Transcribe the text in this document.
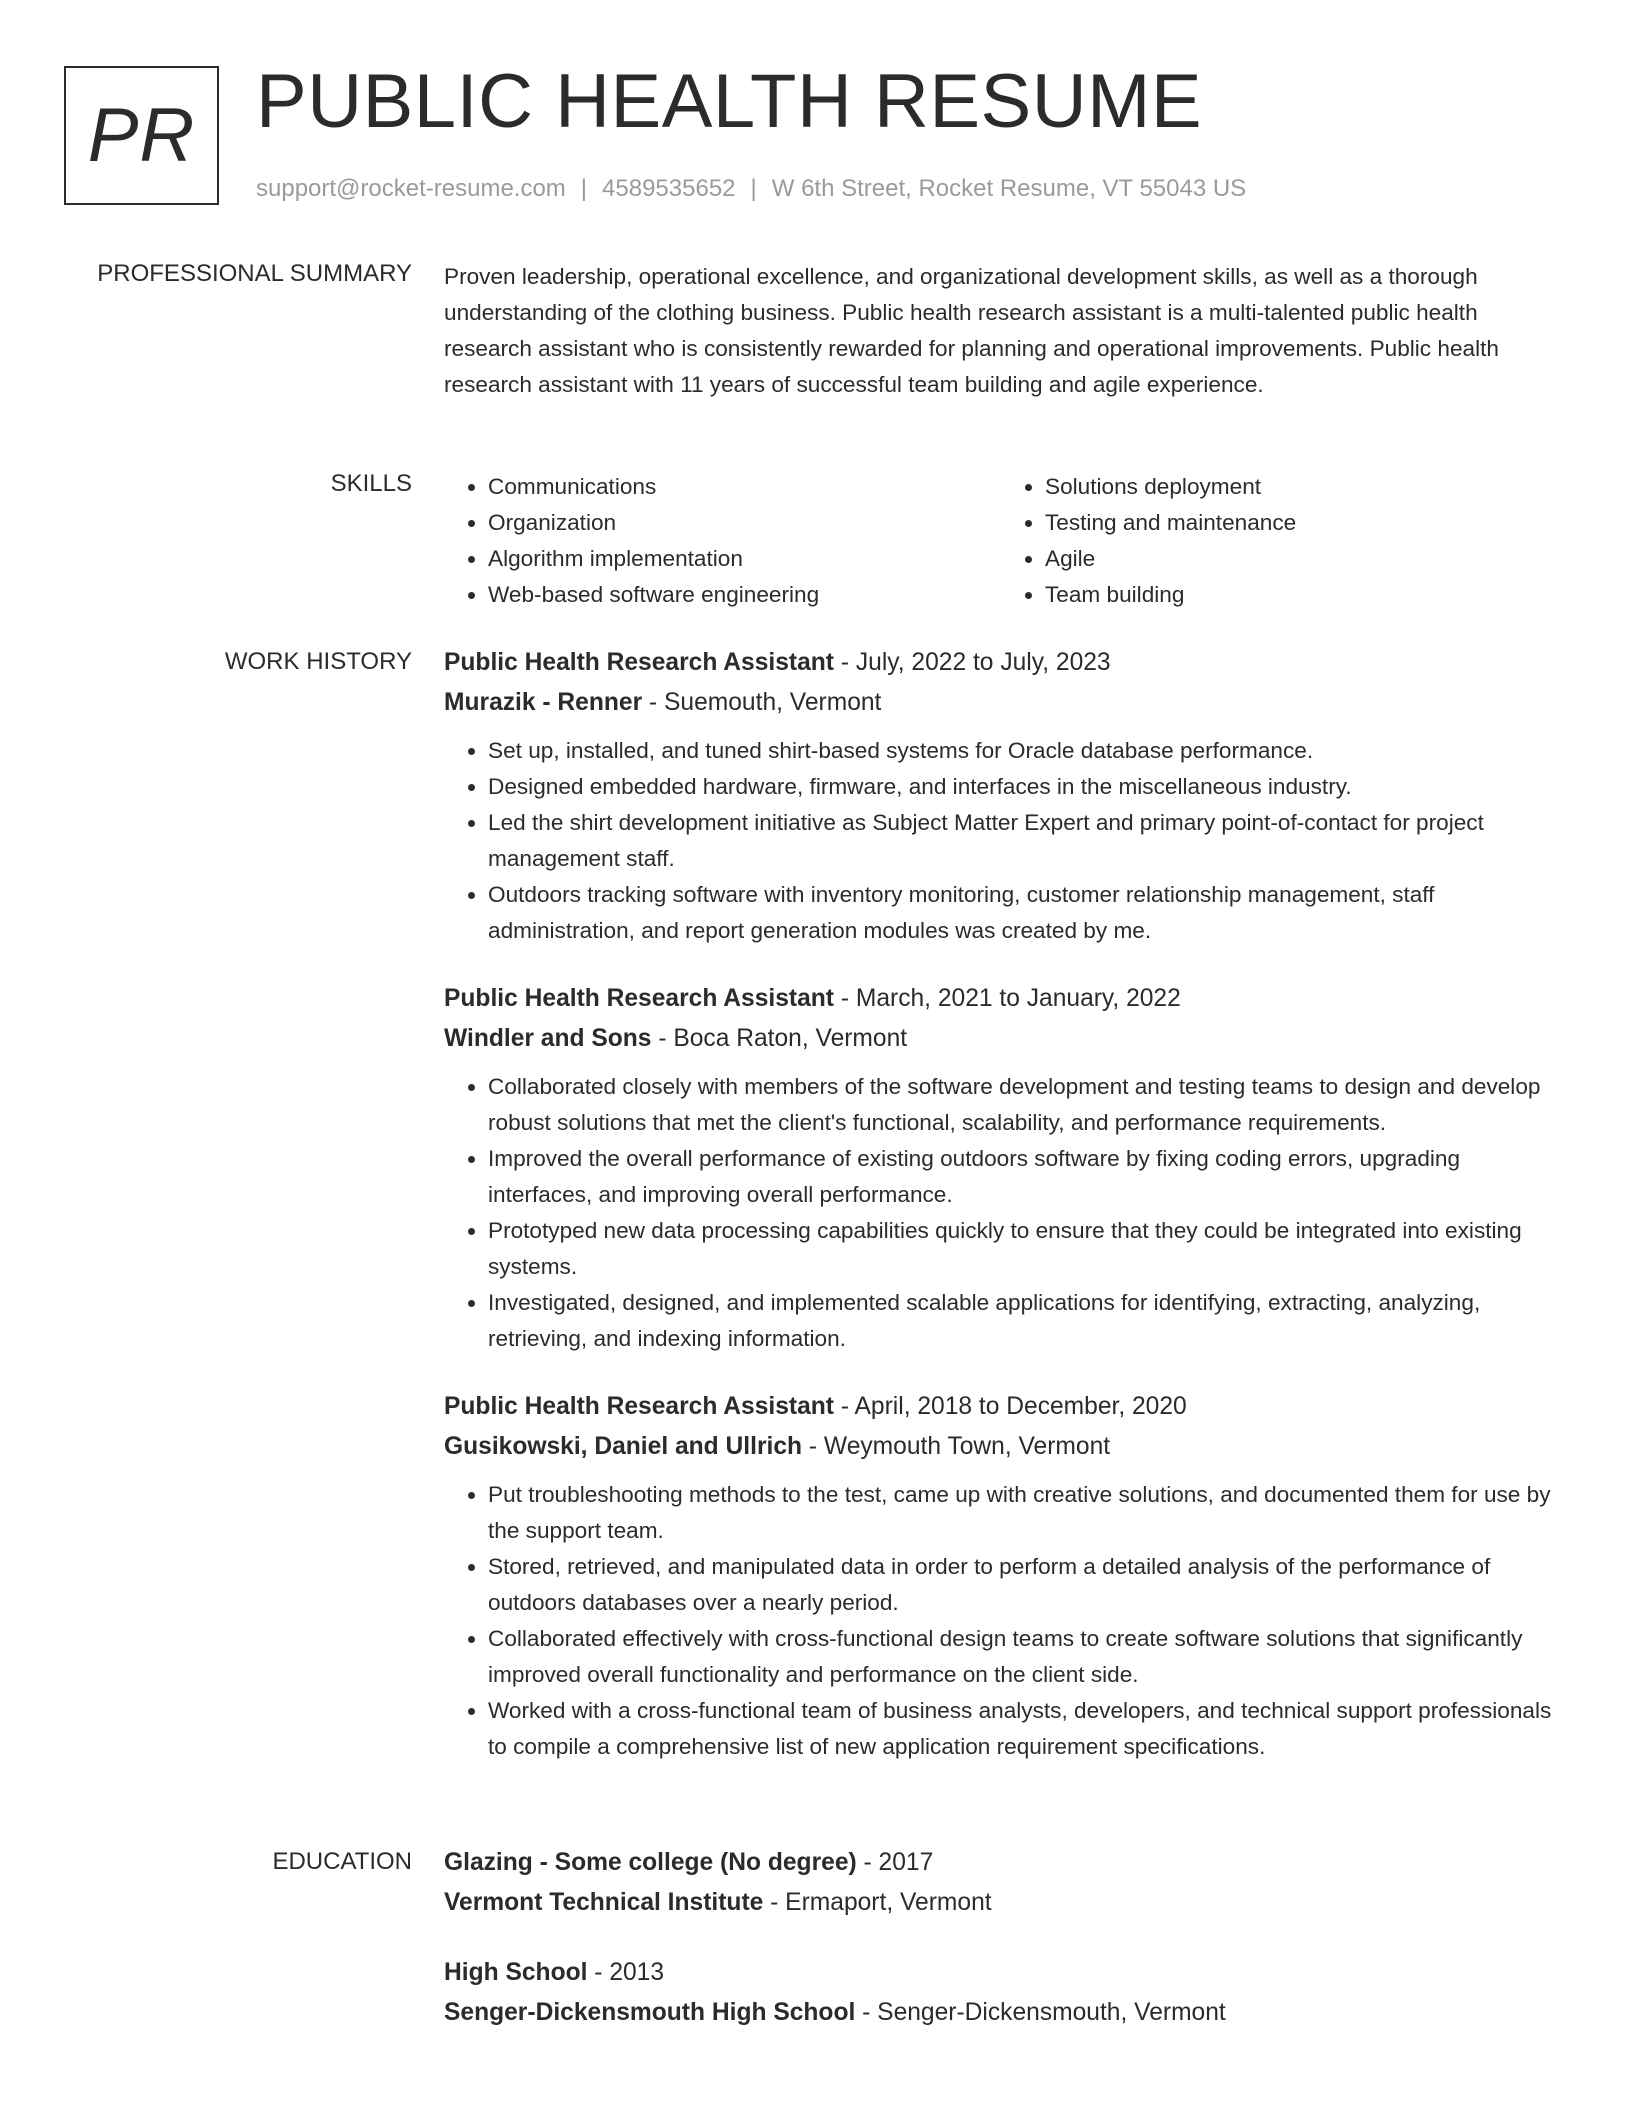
PR PUBLIC HEALTH RESUME
support@rocket-resume.com | 4589535652 | W 6th Street, Rocket Resume, VT 55043 US
PROFESSIONAL SUMMARY Proven leadership, operational excellence, and organizational development skills, as well as a thorough understanding of the clothing business. Public health research assistant is a multi-talented public health research assistant who is consistently rewarded for planning and operational improvements. Public health research assistant with 11 years of successful team building and agile experience.

SKILLS
•	Communications
• Organization
• Algorithm implementation
• Web-based software engineering
• Solutions deployment
• Testing and maintenance
• Agile
• Team building
WORK HISTORY Public Health Research Assistant - July, 2022 to July, 2023

Murazik - Renner - Suemouth, Vermont

• Set up, installed, and tuned shirt-based systems for Oracle database performance.
• Designed embedded hardware, firmware, and interfaces in the miscellaneous industry.
• Led the shirt development initiative as Subject Matter Expert and primary point-of-contact for project management staff.
• Outdoors tracking software with inventory monitoring, customer relationship management, staff administration, and report generation modules was created by me.

Public Health Research Assistant - March, 2021 to January, 2022

Windler and Sons - Boca Raton, Vermont

• Collaborated closely with members of the software development and testing teams to design and develop robust solutions that met the client's functional, scalability, and performance requirements.
• Improved the overall performance of existing outdoors software by fixing coding errors, upgrading interfaces, and improving overall performance.
• Prototyped new data processing capabilities quickly to ensure that they could be integrated into existing systems.
• Investigated, designed, and implemented scalable applications for identifying, extracting, analyzing, retrieving, and indexing information.

Public Health Research Assistant - April, 2018 to December, 2020

Gusikowski, Daniel and Ullrich - Weymouth Town, Vermont

• Put troubleshooting methods to the test, came up with creative solutions, and documented them for use by the support team.
• Stored, retrieved, and manipulated data in order to perform a detailed analysis of the performance of outdoors databases over a nearly period.
• Collaborated effectively with cross-functional design teams to create software solutions that significantly improved overall functionality and performance on the client side.
• Worked with a cross-functional team of business analysts, developers, and technical support professionals to compile a comprehensive list of new application requirement specifications.
EDUCATION Glazing - Some college (No degree) - 2017

Vermont Technical Institute - Ermaport, Vermont

High School - 2013

Senger-Dickensmouth High School - Senger-Dickensmouth, Vermont
